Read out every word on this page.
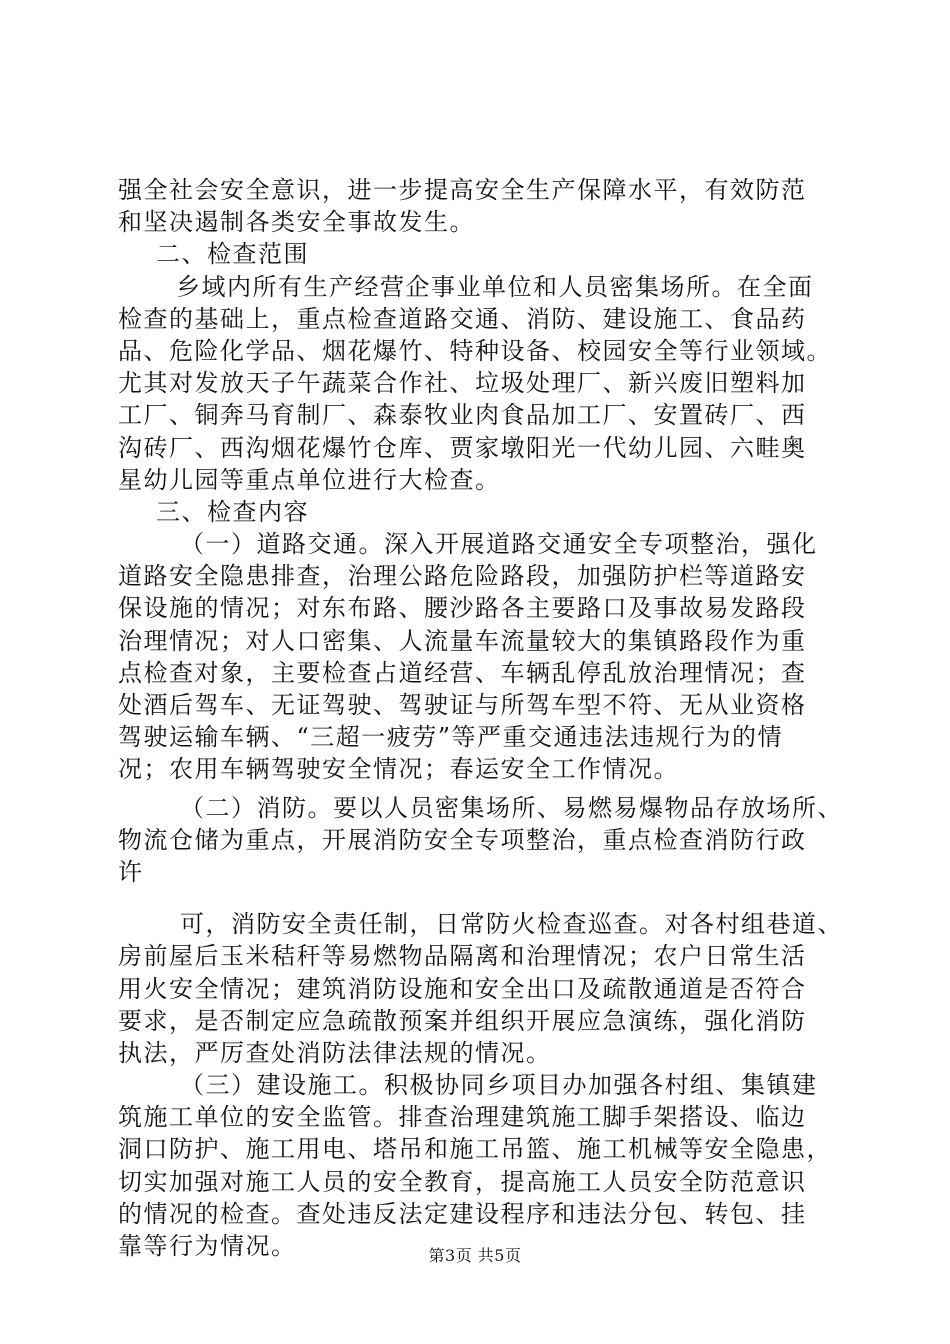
强全社会安全意识，进一步提高安全生产保障水平，有效防范
和坚决遏制各类安全事故发生。
二、检查范围
乡域内所有生产经营企事业单位和人员密集场所。在全面
检查的基础上，重点检查道路交通、消防、建设施工、食品药
品、危险化学品、烟花爆竹、特种设备、校园安全等行业领域。
尤其对发放天子午蔬菜合作社、垃圾处理厂、新兴废旧塑料加
工厂、铜奔马育制厂、森泰牧业肉食品加工厂、安置砖厂、西
沟砖厂、西沟烟花爆竹仓库、贾家墩阳光一代幼儿园、六畦奥
星幼儿园等重点单位进行大检查。
三、检查内容
（一）道路交通。深入开展道路交通安全专项整治，强化
道路安全隐患排查，治理公路危险路段，加强防护栏等道路安
保设施的情况；对东布路、腰沙路各主要路口及事故易发路段
治理情况；对人口密集、人流量车流量较大的集镇路段作为重
点检查对象，主要检查占道经营、车辆乱停乱放治理情况；查
处酒后驾车、无证驾驶、驾驶证与所驾车型不符、无从业资格
驾驶运输车辆、“三超一疲劳”等严重交通违法违规行为的情
况；农用车辆驾驶安全情况；春运安全工作情况。
（二）消防。要以人员密集场所、易燃易爆物品存放场所、
物流仓储为重点，开展消防安全专项整治，重点检查消防行政
许
可，消防安全责任制，日常防火检查巡查。对各村组巷道、
房前屋后玉米秸秆等易燃物品隔离和治理情况；农户日常生活
用火安全情况；建筑消防设施和安全出口及疏散通道是否符合
要求，是否制定应急疏散预案并组织开展应急演练，强化消防
执法，严厉查处消防法律法规的情况。
（三）建设施工。积极协同乡项目办加强各村组、集镇建
筑施工单位的安全监管。排查治理建筑施工脚手架搭设、临边
洞口防护、施工用电、塔吊和施工吊篮、施工机械等安全隐患，
切实加强对施工人员的安全教育，提高施工人员安全防范意识
的情况的检查。查处违反法定建设程序和违法分包、转包、挂
靠等行为情况。	第3页 共5页
